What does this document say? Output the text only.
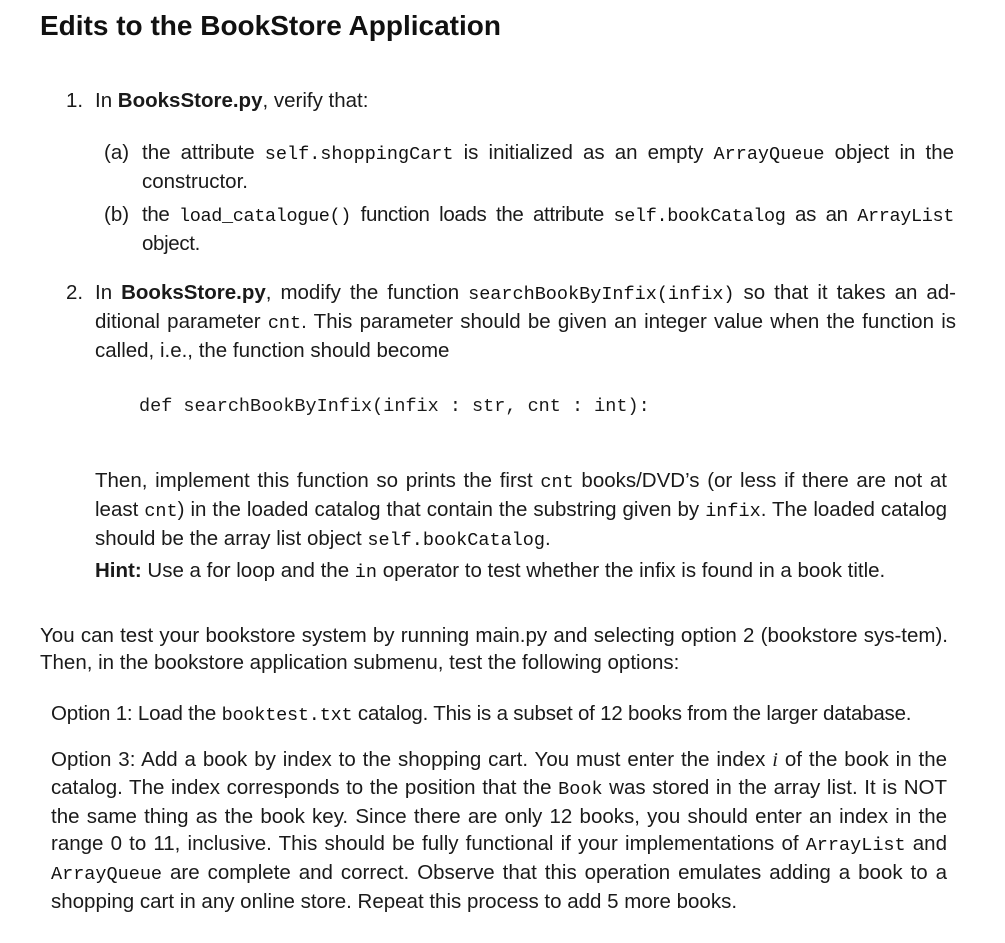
Edits to the BookStore Application
1. In BooksStore.py, verify that:
(a) the attribute self.shoppingCart is initialized as an empty ArrayQueue object in the constructor.
(b) the load_catalogue() function loads the attribute self.bookCatalog as an ArrayList object.
2. In BooksStore.py, modify the function searchBookByInfix(infix) so that it takes an ad-ditional parameter cnt. This parameter should be given an integer value when the function is called, i.e., the function should become
def searchBookByInfix(infix : str, cnt : int):
Then, implement this function so prints the first cnt books/DVD’s (or less if there are not at least cnt) in the loaded catalog that contain the substring given by infix. The loaded catalog should be the array list object self.bookCatalog.
Hint: Use a for loop and the in operator to test whether the infix is found in a book title.
You can test your bookstore system by running main.py and selecting option 2 (bookstore sys-tem). Then, in the bookstore application submenu, test the following options:
Option 1: Load the booktest.txt catalog. This is a subset of 12 books from the larger database.
Option 3: Add a book by index to the shopping cart. You must enter the index i of the book in the catalog. The index corresponds to the position that the Book was stored in the array list. It is NOT the same thing as the book key. Since there are only 12 books, you should enter an index in the range 0 to 11, inclusive. This should be fully functional if your implementations of ArrayList and ArrayQueue are complete and correct. Observe that this operation emulates adding a book to a shopping cart in any online store. Repeat this process to add 5 more books.
